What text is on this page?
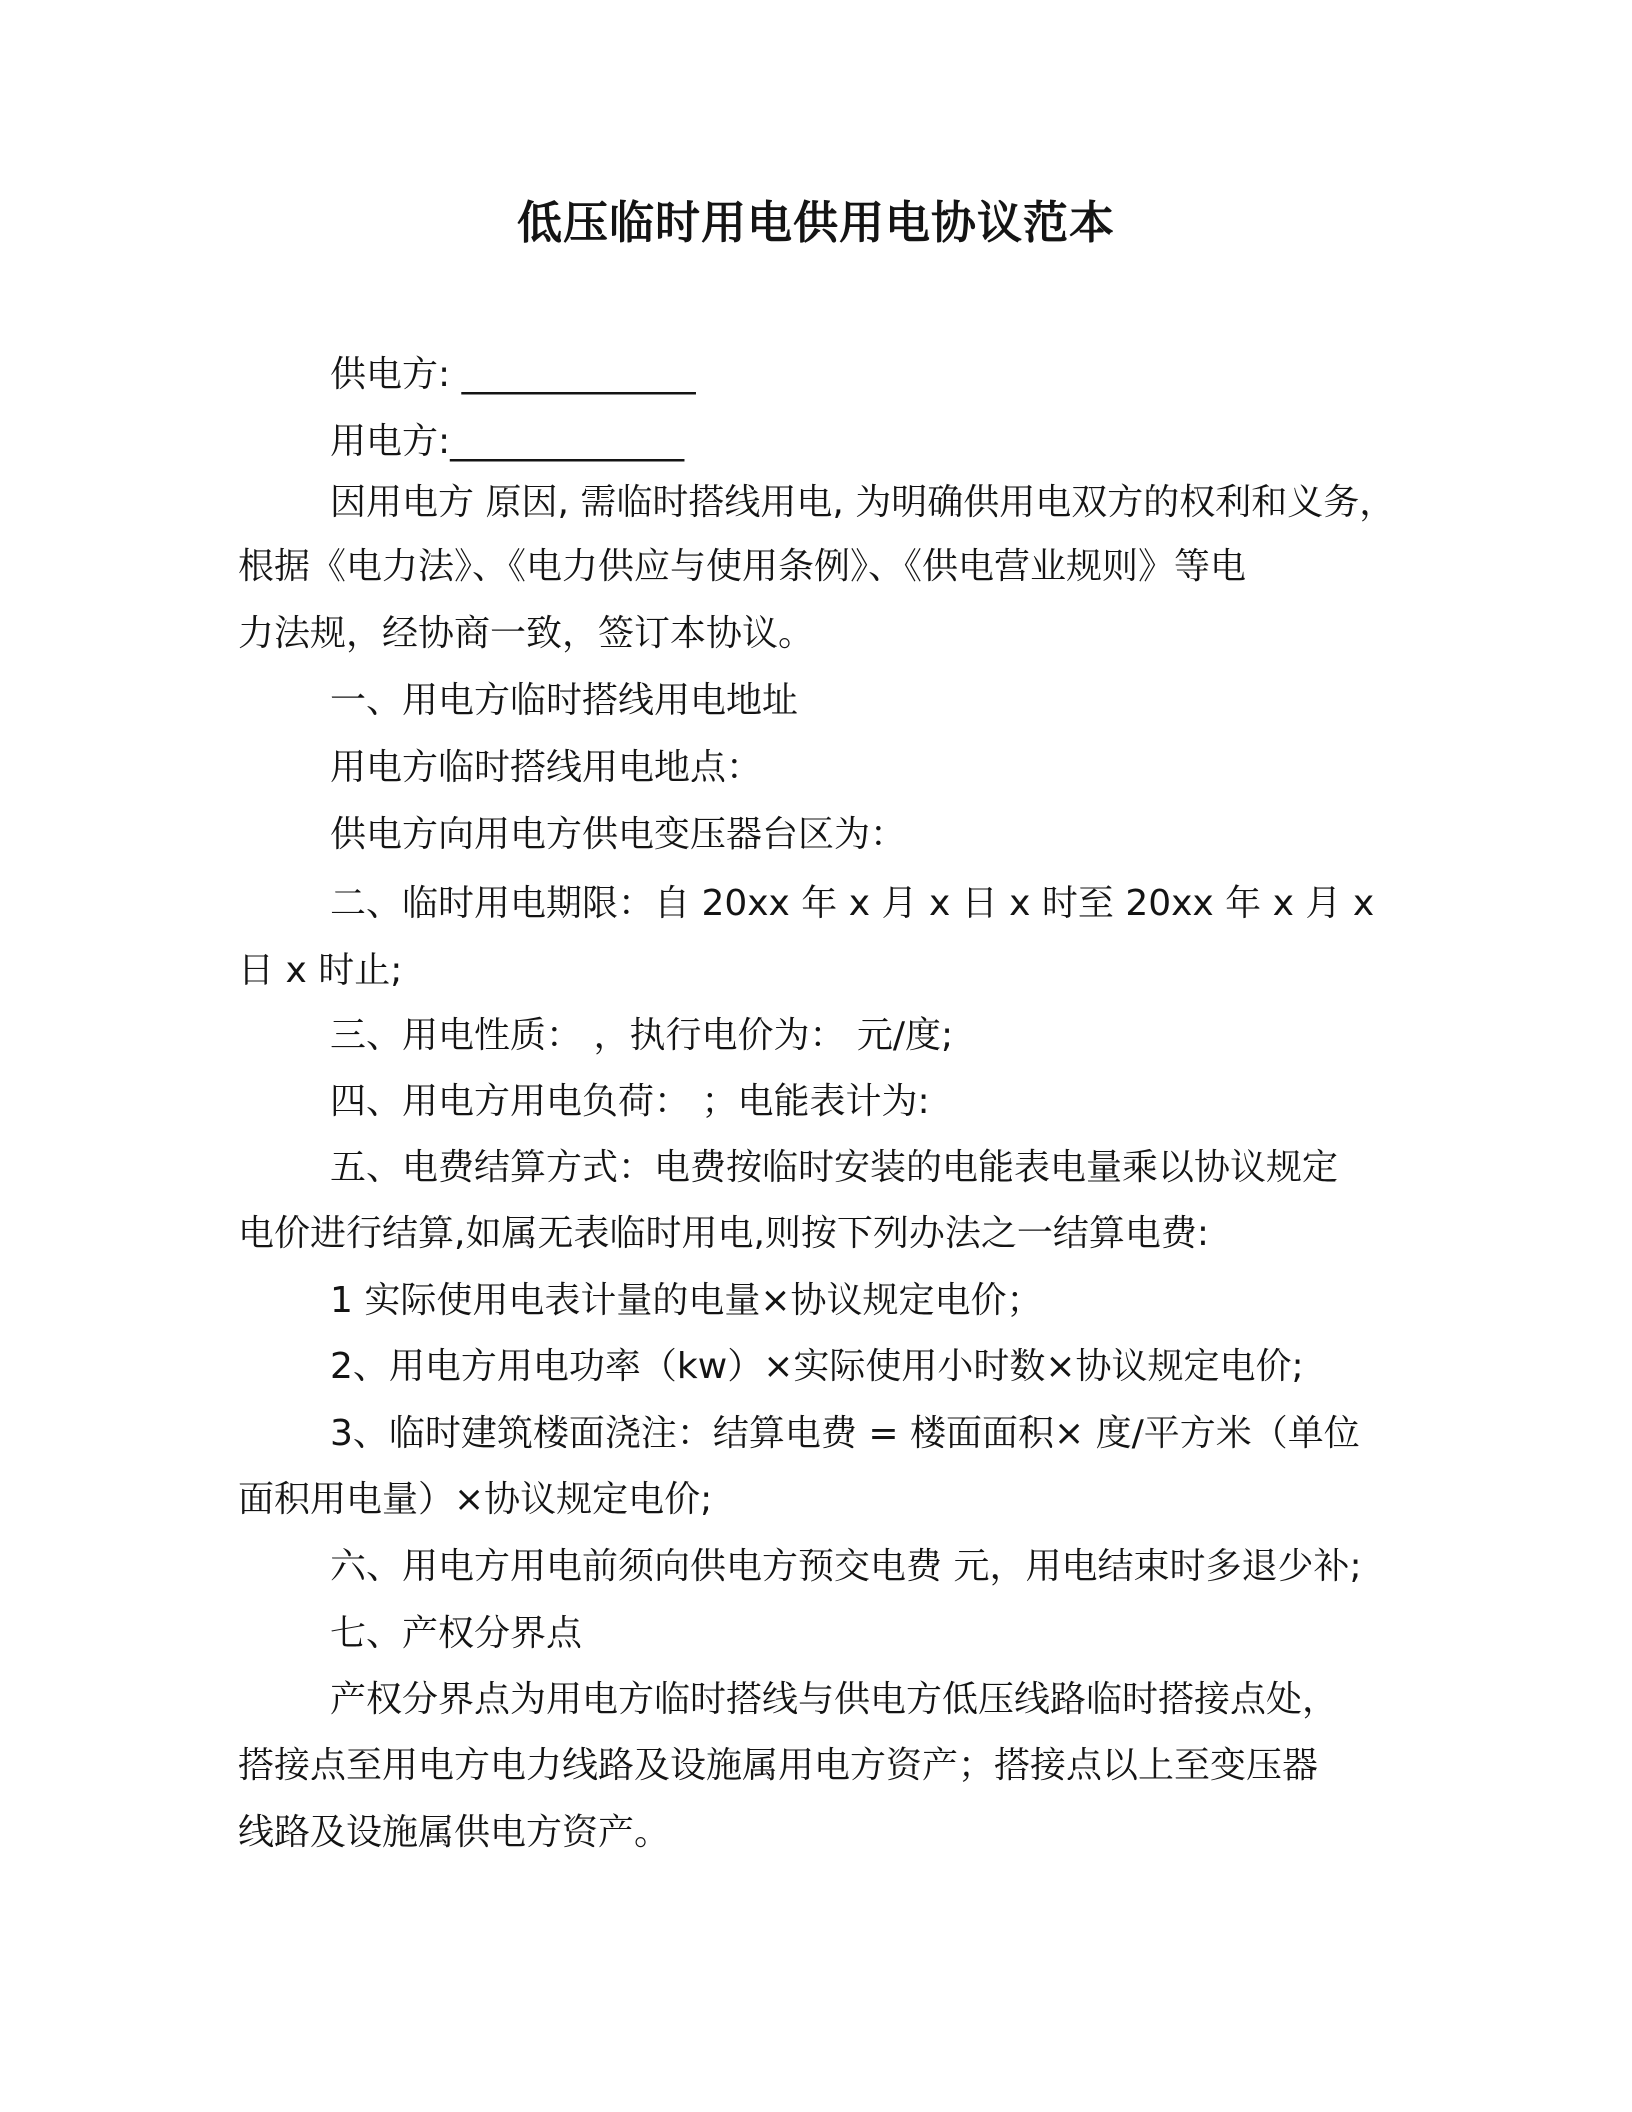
低压临时用电供用电协议范本
供电方: _____________
用电方:_____________
因用电方 原因, 需临时搭线用电, 为明确供用电双方的权利和义务，
根据《电力法》、《电力供应与使用条例》、《供电营业规则》等电
力法规，经协商一致，签订本协议。
一、用电方临时搭线用电地址
用电方临时搭线用电地点：
供电方向用电方供电变压器台区为：
二、临时用电期限：自 20xx 年 x 月 x 日 x 时至 20xx 年 x 月 x
日 x 时止;
三、用电性质： ，执行电价为： 元/度;
四、用电方用电负荷： ；电能表计为:
五、电费结算方式：电费按临时安装的电能表电量乘以协议规定
电价进行结算,如属无表临时用电,则按下列办法之一结算电费:
1 实际使用电表计量的电量×协议规定电价；
2、用电方用电功率（kw）×实际使用小时数×协议规定电价;
3、临时建筑楼面浇注：结算电费 = 楼面面积× 度/平方米（单位
面积用电量）×协议规定电价;
六、用电方用电前须向供电方预交电费 元，用电结束时多退少补;
七、产权分界点
产权分界点为用电方临时搭线与供电方低压线路临时搭接点处，
搭接点至用电方电力线路及设施属用电方资产；搭接点以上至变压器
线路及设施属供电方资产。
